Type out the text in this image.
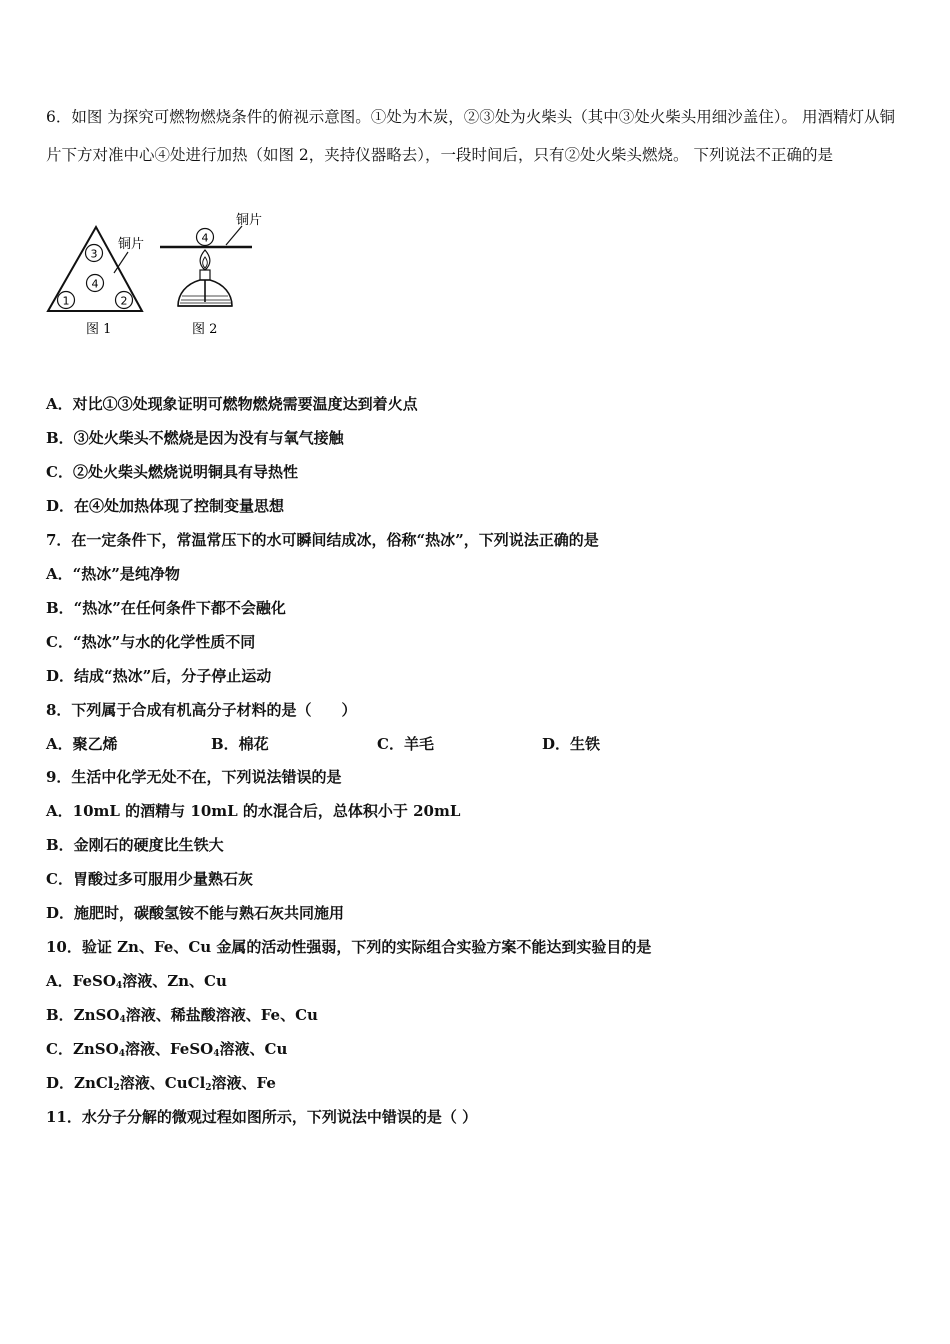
6．如图 为探究可燃物燃烧条件的俯视示意图。①处为木炭，②③处为火柴头（其中③处火柴头用细沙盖住）。 用酒精灯从铜片下方对准中心④处进行加热（如图 2，夹持仪器略去），一段时间后，只有②处火柴头燃烧。 下列说法不正确的是
3
4
1	2
铜片
图 1
4
铜片
图 2
A．对比①③处现象证明可燃物燃烧需要温度达到着火点
B．③处火柴头不燃烧是因为没有与氧气接触
C．②处火柴头燃烧说明铜具有导热性
D．在④处加热体现了控制变量思想
7．在一定条件下，常温常压下的水可瞬间结成冰，俗称“热冰”，下列说法正确的是
A．“热冰”是纯净物
B．“热冰”在任何条件下都不会融化
C．“热冰”与水的化学性质不同
D．结成“热冰”后，分子停止运动
8．下列属于合成有机高分子材料的是（　　）
A．聚乙烯	B．棉花	C．羊毛	D．生铁
9．生活中化学无处不在，下列说法错误的是
A．10mL 的酒精与 10mL 的水混合后，总体积小于 20mL
B．金刚石的硬度比生铁大
C．胃酸过多可服用少量熟石灰
D．施肥时，碳酸氢铵不能与熟石灰共同施用
10．验证 Zn、Fe、Cu 金属的活动性强弱，下列的实际组合实验方案不能达到实验目的是
A．FeSO$_4$溶液、Zn、Cu
B．ZnSO$_4$溶液、稀盐酸溶液、Fe、Cu
C．ZnSO$_4$溶液、FeSO$_4$溶液、Cu
D．ZnCl$_2$溶液、CuCl$_2$溶液、Fe
11．水分子分解的微观过程如图所示，下列说法中错误的是（ ）
